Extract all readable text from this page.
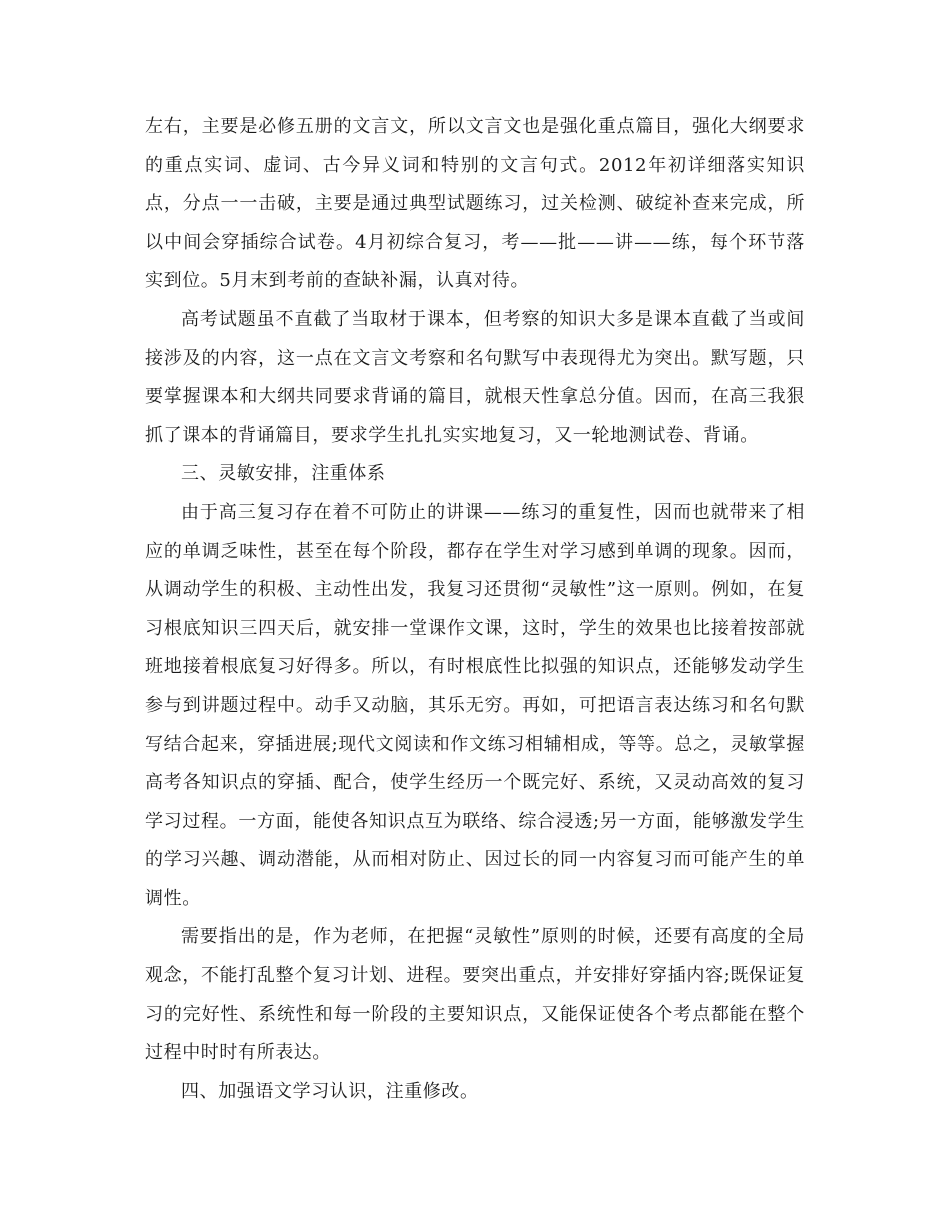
左右，主要是必修五册的文言文，所以文言文也是强化重点篇目，强化大纲要求的重点实词、虚词、古今异义词和特别的文言句式。2012年初详细落实知识点，分点一一击破，主要是通过典型试题练习，过关检测、破绽补查来完成，所以中间会穿插综合试卷。4月初综合复习，考——批——讲——练，每个环节落实到位。5月末到考前的查缺补漏，认真对待。

高考试题虽不直截了当取材于课本，但考察的知识大多是课本直截了当或间接涉及的内容，这一点在文言文考察和名句默写中表现得尤为突出。默写题，只要掌握课本和大纲共同要求背诵的篇目，就根天性拿总分值。因而，在高三我狠抓了课本的背诵篇目，要求学生扎扎实实地复习，又一轮地测试卷、背诵。

三、灵敏安排，注重体系

由于高三复习存在着不可防止的讲课——练习的重复性，因而也就带来了相应的单调乏味性，甚至在每个阶段，都存在学生对学习感到单调的现象。因而，从调动学生的积极、主动性出发，我复习还贯彻“灵敏性”这一原则。例如，在复习根底知识三四天后，就安排一堂课作文课，这时，学生的效果也比接着按部就班地接着根底复习好得多。所以，有时根底性比拟强的知识点，还能够发动学生参与到讲题过程中。动手又动脑，其乐无穷。再如，可把语言表达练习和名句默写结合起来，穿插进展;现代文阅读和作文练习相辅相成，等等。总之，灵敏掌握高考各知识点的穿插、配合，使学生经历一个既完好、系统，又灵动高效的复习学习过程。一方面，能使各知识点互为联络、综合浸透;另一方面，能够激发学生的学习兴趣、调动潜能，从而相对防止、因过长的同一内容复习而可能产生的单调性。

需要指出的是，作为老师，在把握“灵敏性”原则的时候，还要有高度的全局观念，不能打乱整个复习计划、进程。要突出重点，并安排好穿插内容;既保证复习的完好性、系统性和每一阶段的主要知识点，又能保证使各个考点都能在整个过程中时时有所表达。

四、加强语文学习认识，注重修改。
